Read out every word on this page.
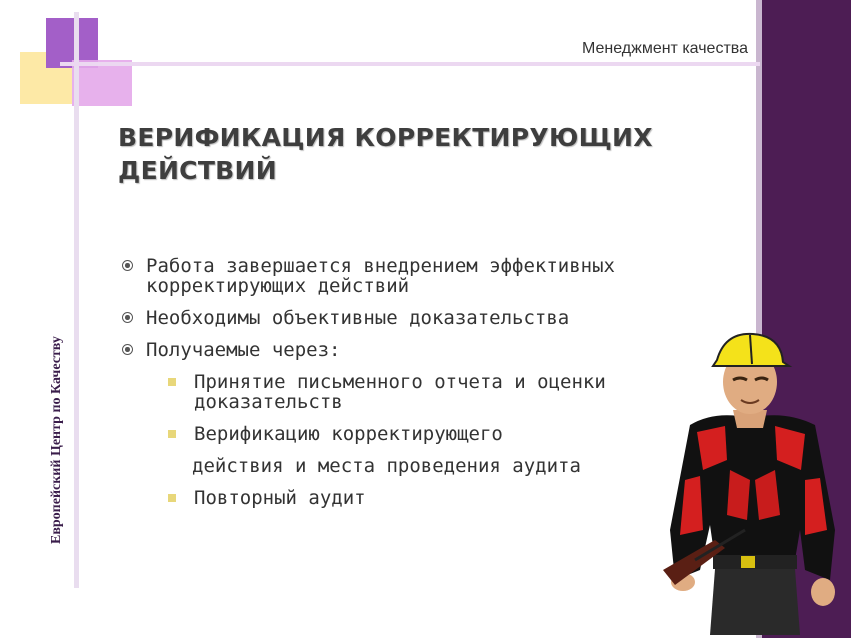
Менеджмент качества
Европейский Центр по Качеству
ВЕРИФИКАЦИЯ КОРРЕКТИРУЮЩИХ
ДЕЙСТВИЙ
Работа завершается внедрением эффективных
корректирующих действий
Необходимы объективные доказательства
Получаемые через:
Принятие письменного отчета и оценки
доказательств
Верификацию корректирующего
действия и места проведения аудита
Повторный аудит
